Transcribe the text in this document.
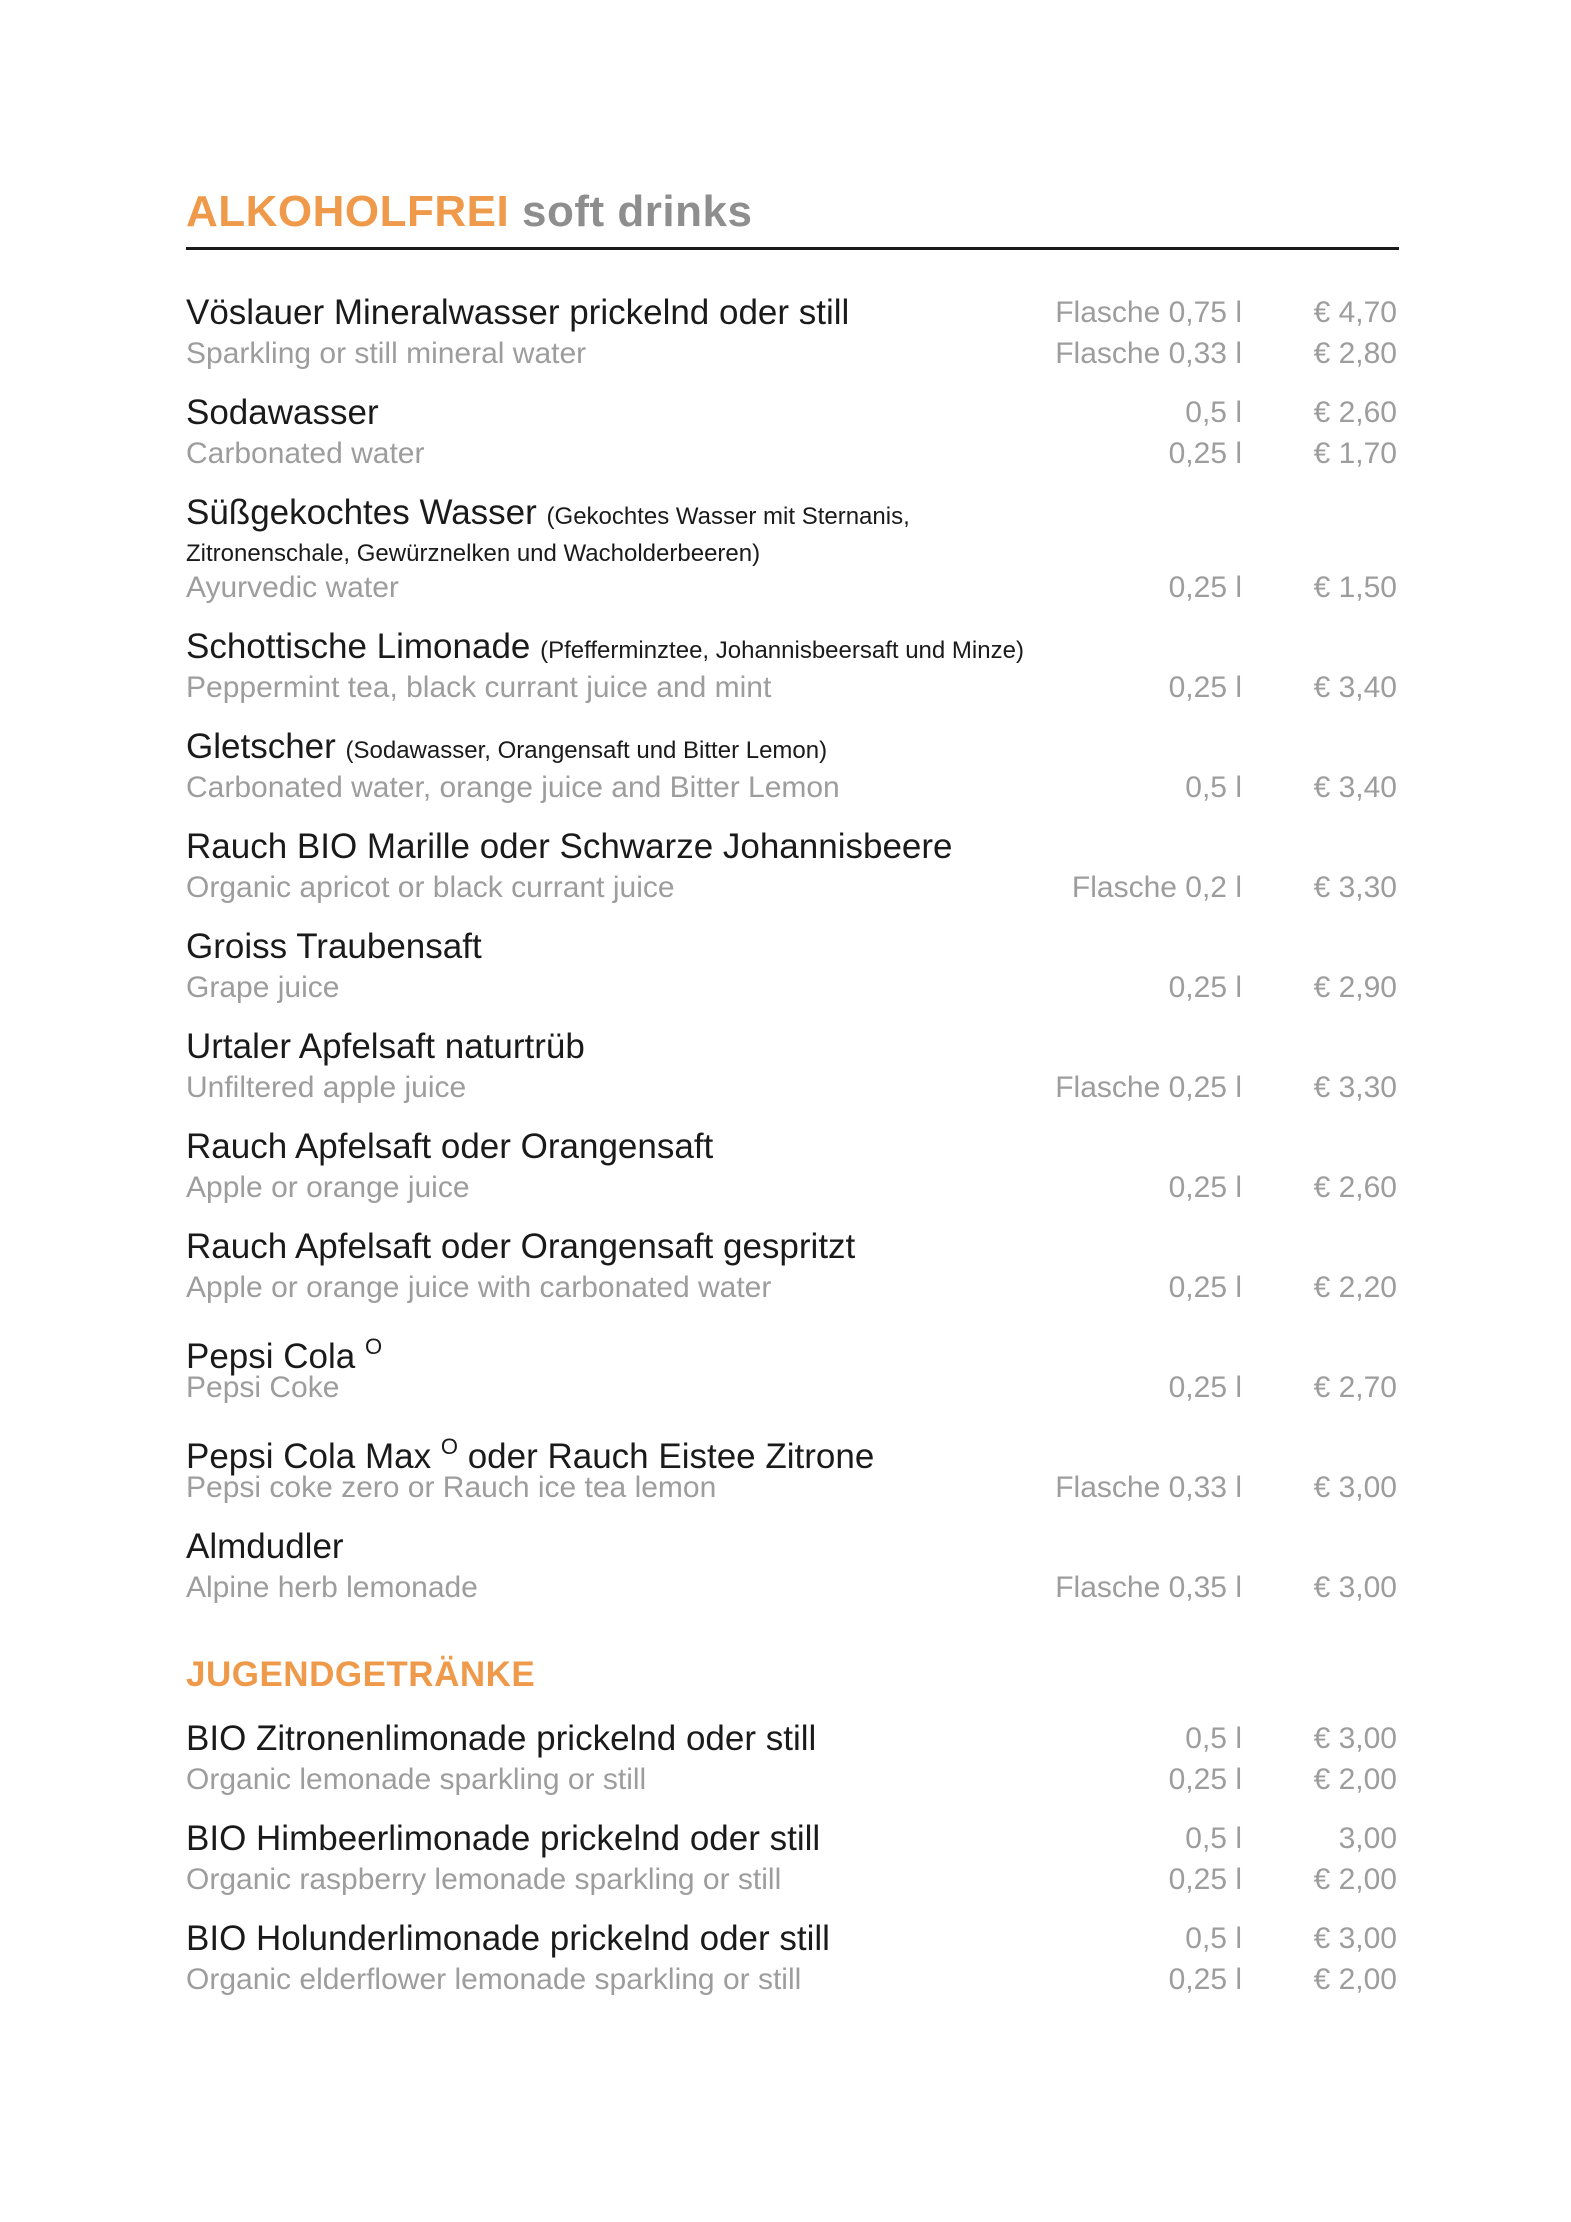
ALKOHOLFREI soft drinks
Vöslauer Mineralwasser prickelnd oder still	Flasche 0,75 l € 4,70
Sparkling or still mineral water	Flasche 0,33 l € 2,80
Sodawasser	0,5 l € 2,60
Carbonated water	0,25 l € 1,70
Süßgekochtes Wasser (Gekochtes Wasser mit Sternanis,
Zitronenschale, Gewürznelken und Wacholderbeeren)
Ayurvedic water	0,25 l € 1,50
Schottische Limonade (Pfefferminztee, Johannisbeersaft und Minze)
Peppermint tea, black currant juice and mint	0,25 l € 3,40
Gletscher (Sodawasser, Orangensaft und Bitter Lemon)
Carbonated water, orange juice and Bitter Lemon	0,5 l € 3,40
Rauch BIO Marille oder Schwarze Johannisbeere
Organic apricot or black currant juice	Flasche 0,2 l € 3,30
Groiss Traubensaft
Grape juice	0,25 l € 2,90
Urtaler Apfelsaft naturtrüb
Unfiltered apple juice	Flasche 0,25 l € 3,30
Rauch Apfelsaft oder Orangensaft
Apple or orange juice	0,25 l € 2,60
Rauch Apfelsaft oder Orangensaft gespritzt
Apple or orange juice with carbonated water	0,25 l € 2,20
Pepsi Cola $^O$
Pepsi Coke	0,25 l € 2,70
Pepsi Cola Max $^O$ oder Rauch Eistee Zitrone
Pepsi coke zero or Rauch ice tea lemon	Flasche 0,33 l € 3,00
Almdudler
Alpine herb lemonade	Flasche 0,35 l € 3,00
JUGENDGETRÄNKE
BIO Zitronenlimonade prickelnd oder still	0,5 l € 3,00
Organic lemonade sparkling or still	0,25 l € 2,00
BIO Himbeerlimonade prickelnd oder still	0,5 l	3,00
Organic raspberry lemonade sparkling or still	0,25 l € 2,00
BIO Holunderlimonade prickelnd oder still	0,5 l € 3,00
Organic elderflower lemonade sparkling or still	0,25 l € 2,00
